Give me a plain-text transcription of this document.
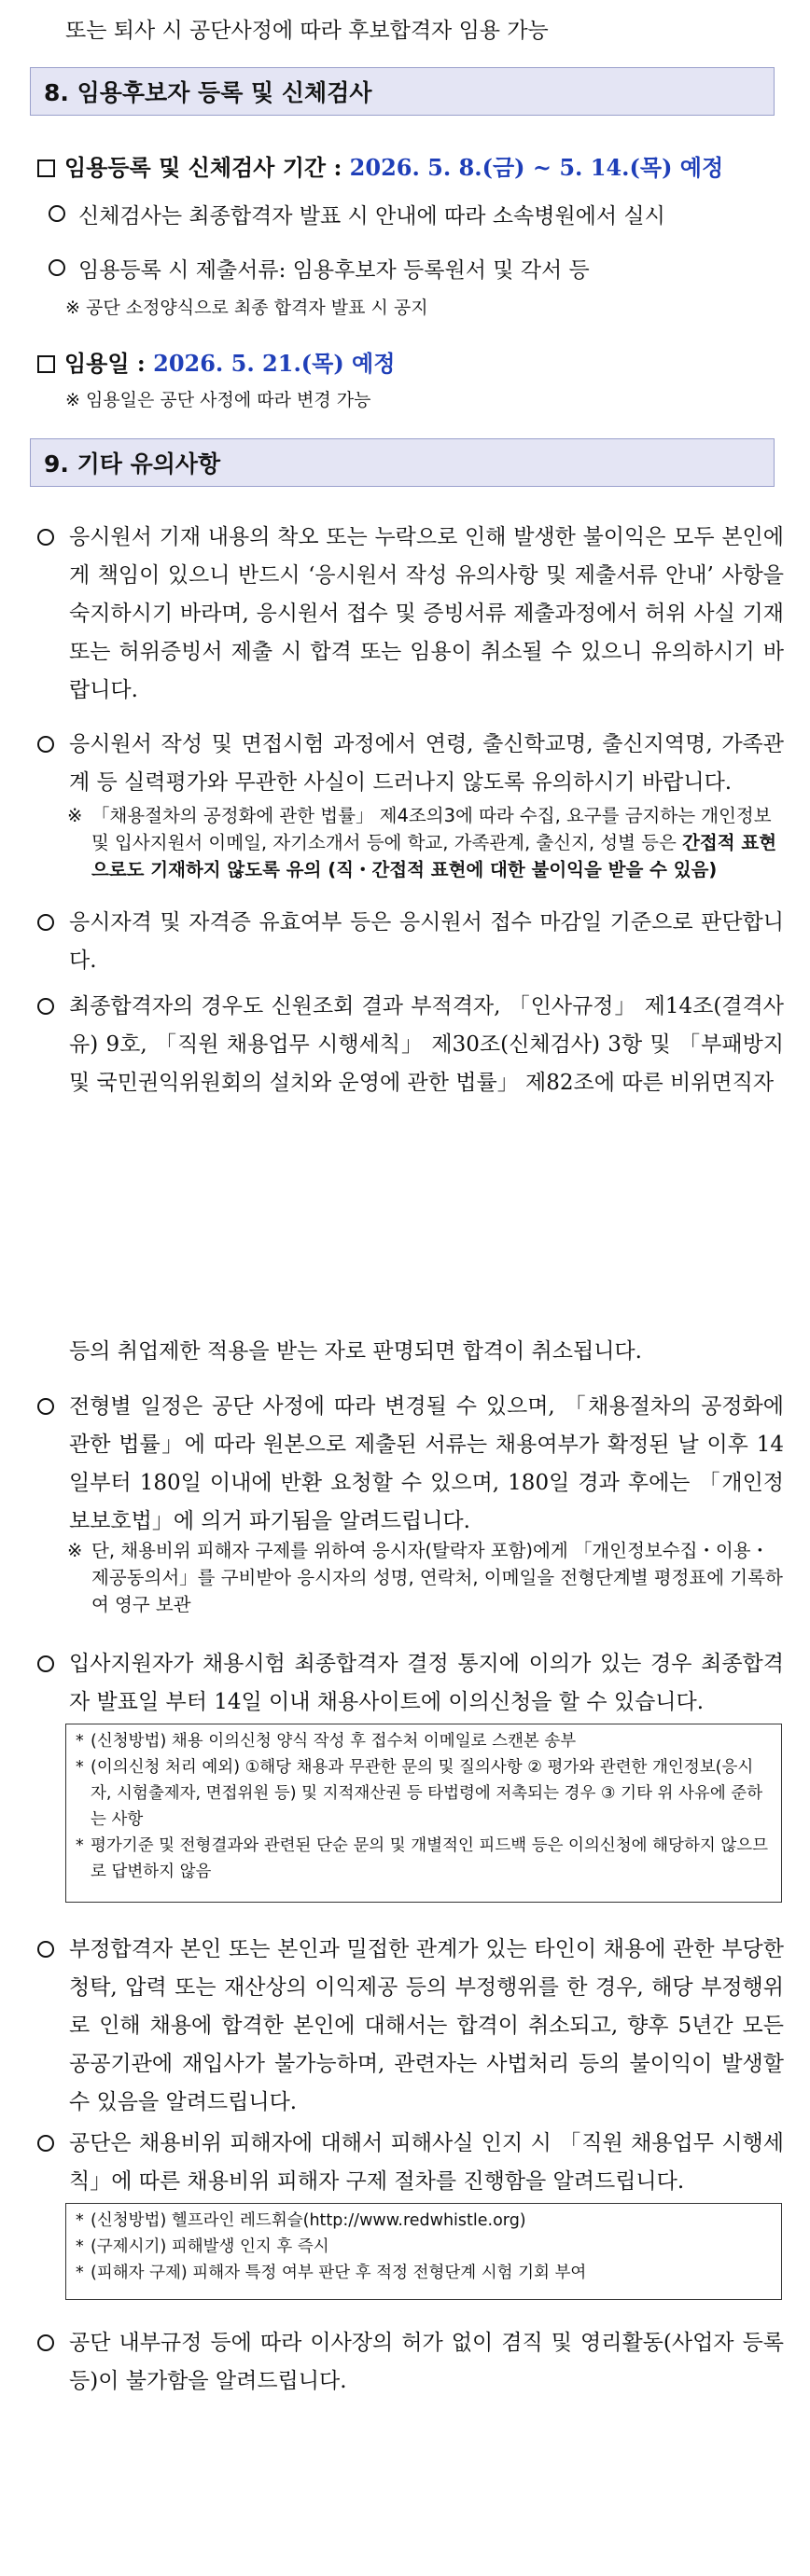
또는 퇴사 시 공단사정에 따라 후보합격자 임용 가능
8. 임용후보자 등록 및 신체검사
임용등록 및 신체검사 기간 : 2026. 5. 8.(금) ~ 5. 14.(목) 예정
신체검사는 최종합격자 발표 시 안내에 따라 소속병원에서 실시
임용등록 시 제출서류: 임용후보자 등록원서 및 각서 등
※ 공단 소정양식으로 최종 합격자 발표 시 공지
임용일 : 2026. 5. 21.(목) 예정
※ 임용일은 공단 사정에 따라 변경 가능
9. 기타 유의사항
응시원서 기재 내용의 착오 또는 누락으로 인해 발생한 불이익은 모두 본인에게 책임이 있으니 반드시 ‘응시원서 작성 유의사항 및 제출서류 안내’ 사항을 숙지하시기 바라며, 응시원서 접수 및 증빙서류 제출과정에서 허위 사실 기재 또는 허위증빙서 제출 시 합격 또는 임용이 취소될 수 있으니 유의하시기 바랍니다.
응시원서 작성 및 면접시험 과정에서 연령, 출신학교명, 출신지역명, 가족관계 등 실력평가와 무관한 사실이 드러나지 않도록 유의하시기 바랍니다.
※ 「채용절차의 공정화에 관한 법률」 제4조의3에 따라 수집, 요구를 금지하는 개인정보 및 입사지원서 이메일, 자기소개서 등에 학교, 가족관계, 출신지, 성별 등은 간접적 표현으로도 기재하지 않도록 유의 (직・간접적 표현에 대한 불이익을 받을 수 있음)
응시자격 및 자격증 유효여부 등은 응시원서 접수 마감일 기준으로 판단합니다.
최종합격자의 경우도 신원조회 결과 부적격자, 「인사규정」 제14조(결격사유) 9호, 「직원 채용업무 시행세칙」 제30조(신체검사) 3항 및 「부패방지 및 국민권익위원회의 설치와 운영에 관한 법률」 제82조에 따른 비위면직자
등의 취업제한 적용을 받는 자로 판명되면 합격이 취소됩니다.
전형별 일정은 공단 사정에 따라 변경될 수 있으며, 「채용절차의 공정화에 관한 법률」에 따라 원본으로 제출된 서류는 채용여부가 확정된 날 이후 14일부터 180일 이내에 반환 요청할 수 있으며, 180일 경과 후에는 「개인정보보호법」에 의거 파기됨을 알려드립니다.
※ 단, 채용비위 피해자 구제를 위하여 응시자(탈락자 포함)에게 「개인정보수집・이용・제공동의서」를 구비받아 응시자의 성명, 연락처, 이메일을 전형단계별 평정표에 기록하여 영구 보관
입사지원자가 채용시험 최종합격자 결정 통지에 이의가 있는 경우 최종합격자 발표일 부터 14일 이내 채용사이트에 이의신청을 할 수 있습니다.
* (신청방법) 채용 이의신청 양식 작성 후 접수처 이메일로 스캔본 송부
* (이의신청 처리 예외) ①해당 채용과 무관한 문의 및 질의사항 ② 평가와 관련한 개인정보(응시자, 시험출제자, 면접위원 등) 및 지적재산권 등 타법령에 저촉되는 경우 ③ 기타 위 사유에 준하는 사항
* 평가기준 및 전형결과와 관련된 단순 문의 및 개별적인 피드백 등은 이의신청에 해당하지 않으므로 답변하지 않음
부정합격자 본인 또는 본인과 밀접한 관계가 있는 타인이 채용에 관한 부당한 청탁, 압력 또는 재산상의 이익제공 등의 부정행위를 한 경우, 해당 부정행위로 인해 채용에 합격한 본인에 대해서는 합격이 취소되고, 향후 5년간 모든 공공기관에 재입사가 불가능하며, 관련자는 사법처리 등의 불이익이 발생할 수 있음을 알려드립니다.
공단은 채용비위 피해자에 대해서 피해사실 인지 시 「직원 채용업무 시행세칙」에 따른 채용비위 피해자 구제 절차를 진행함을 알려드립니다.
* (신청방법) 헬프라인 레드휘슬(http://www.redwhistle.org)
* (구제시기) 피해발생 인지 후 즉시
* (피해자 구제) 피해자 특정 여부 판단 후 적정 전형단계 시험 기회 부여
공단 내부규정 등에 따라 이사장의 허가 없이 겸직 및 영리활동(사업자 등록 등)이 불가함을 알려드립니다.
